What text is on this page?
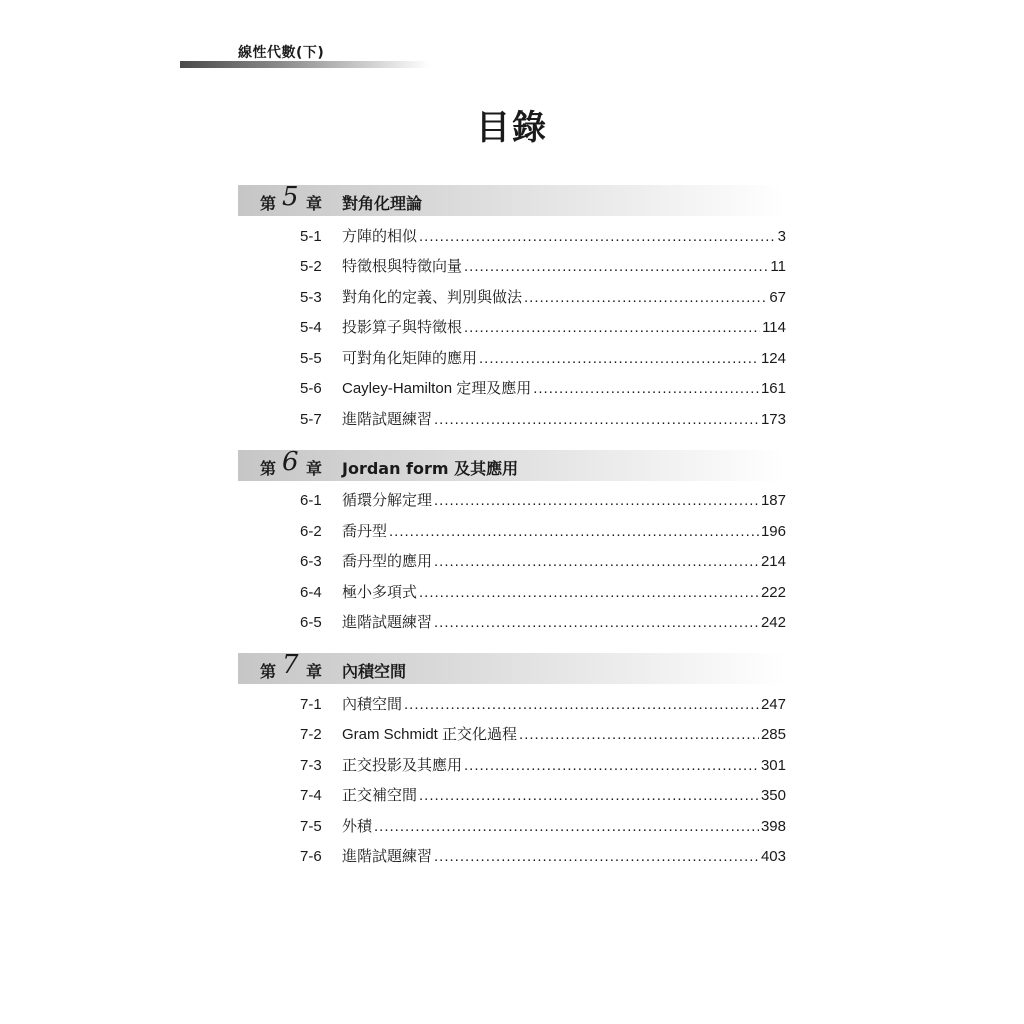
線性代數(下)
目錄
第 5 章 對角化理論
5-1	方陣的相似 .....	3
5-2	特徵根與特徵向量 .....	11
5-3	對角化的定義、判別與做法 .....	67
5-4	投影算子與特徵根 .....	114
5-5	可對角化矩陣的應用 .....	124
5-6	Cayley-Hamilton 定理及應用 .....	161
5-7	進階試題練習 .....	173
第 6 章 Jordan form 及其應用
6-1	循環分解定理 .....	187
6-2	喬丹型 .....	196
6-3	喬丹型的應用 .....	214
6-4	極小多項式 .....	222
6-5	進階試題練習 .....	242
第 7 章 內積空間
7-1	內積空間 .....	247
7-2	Gram Schmidt 正交化過程 .....	285
7-3	正交投影及其應用 .....	301
7-4	正交補空間 .....	350
7-5	外積 .....	398
7-6	進階試題練習 .....	403
